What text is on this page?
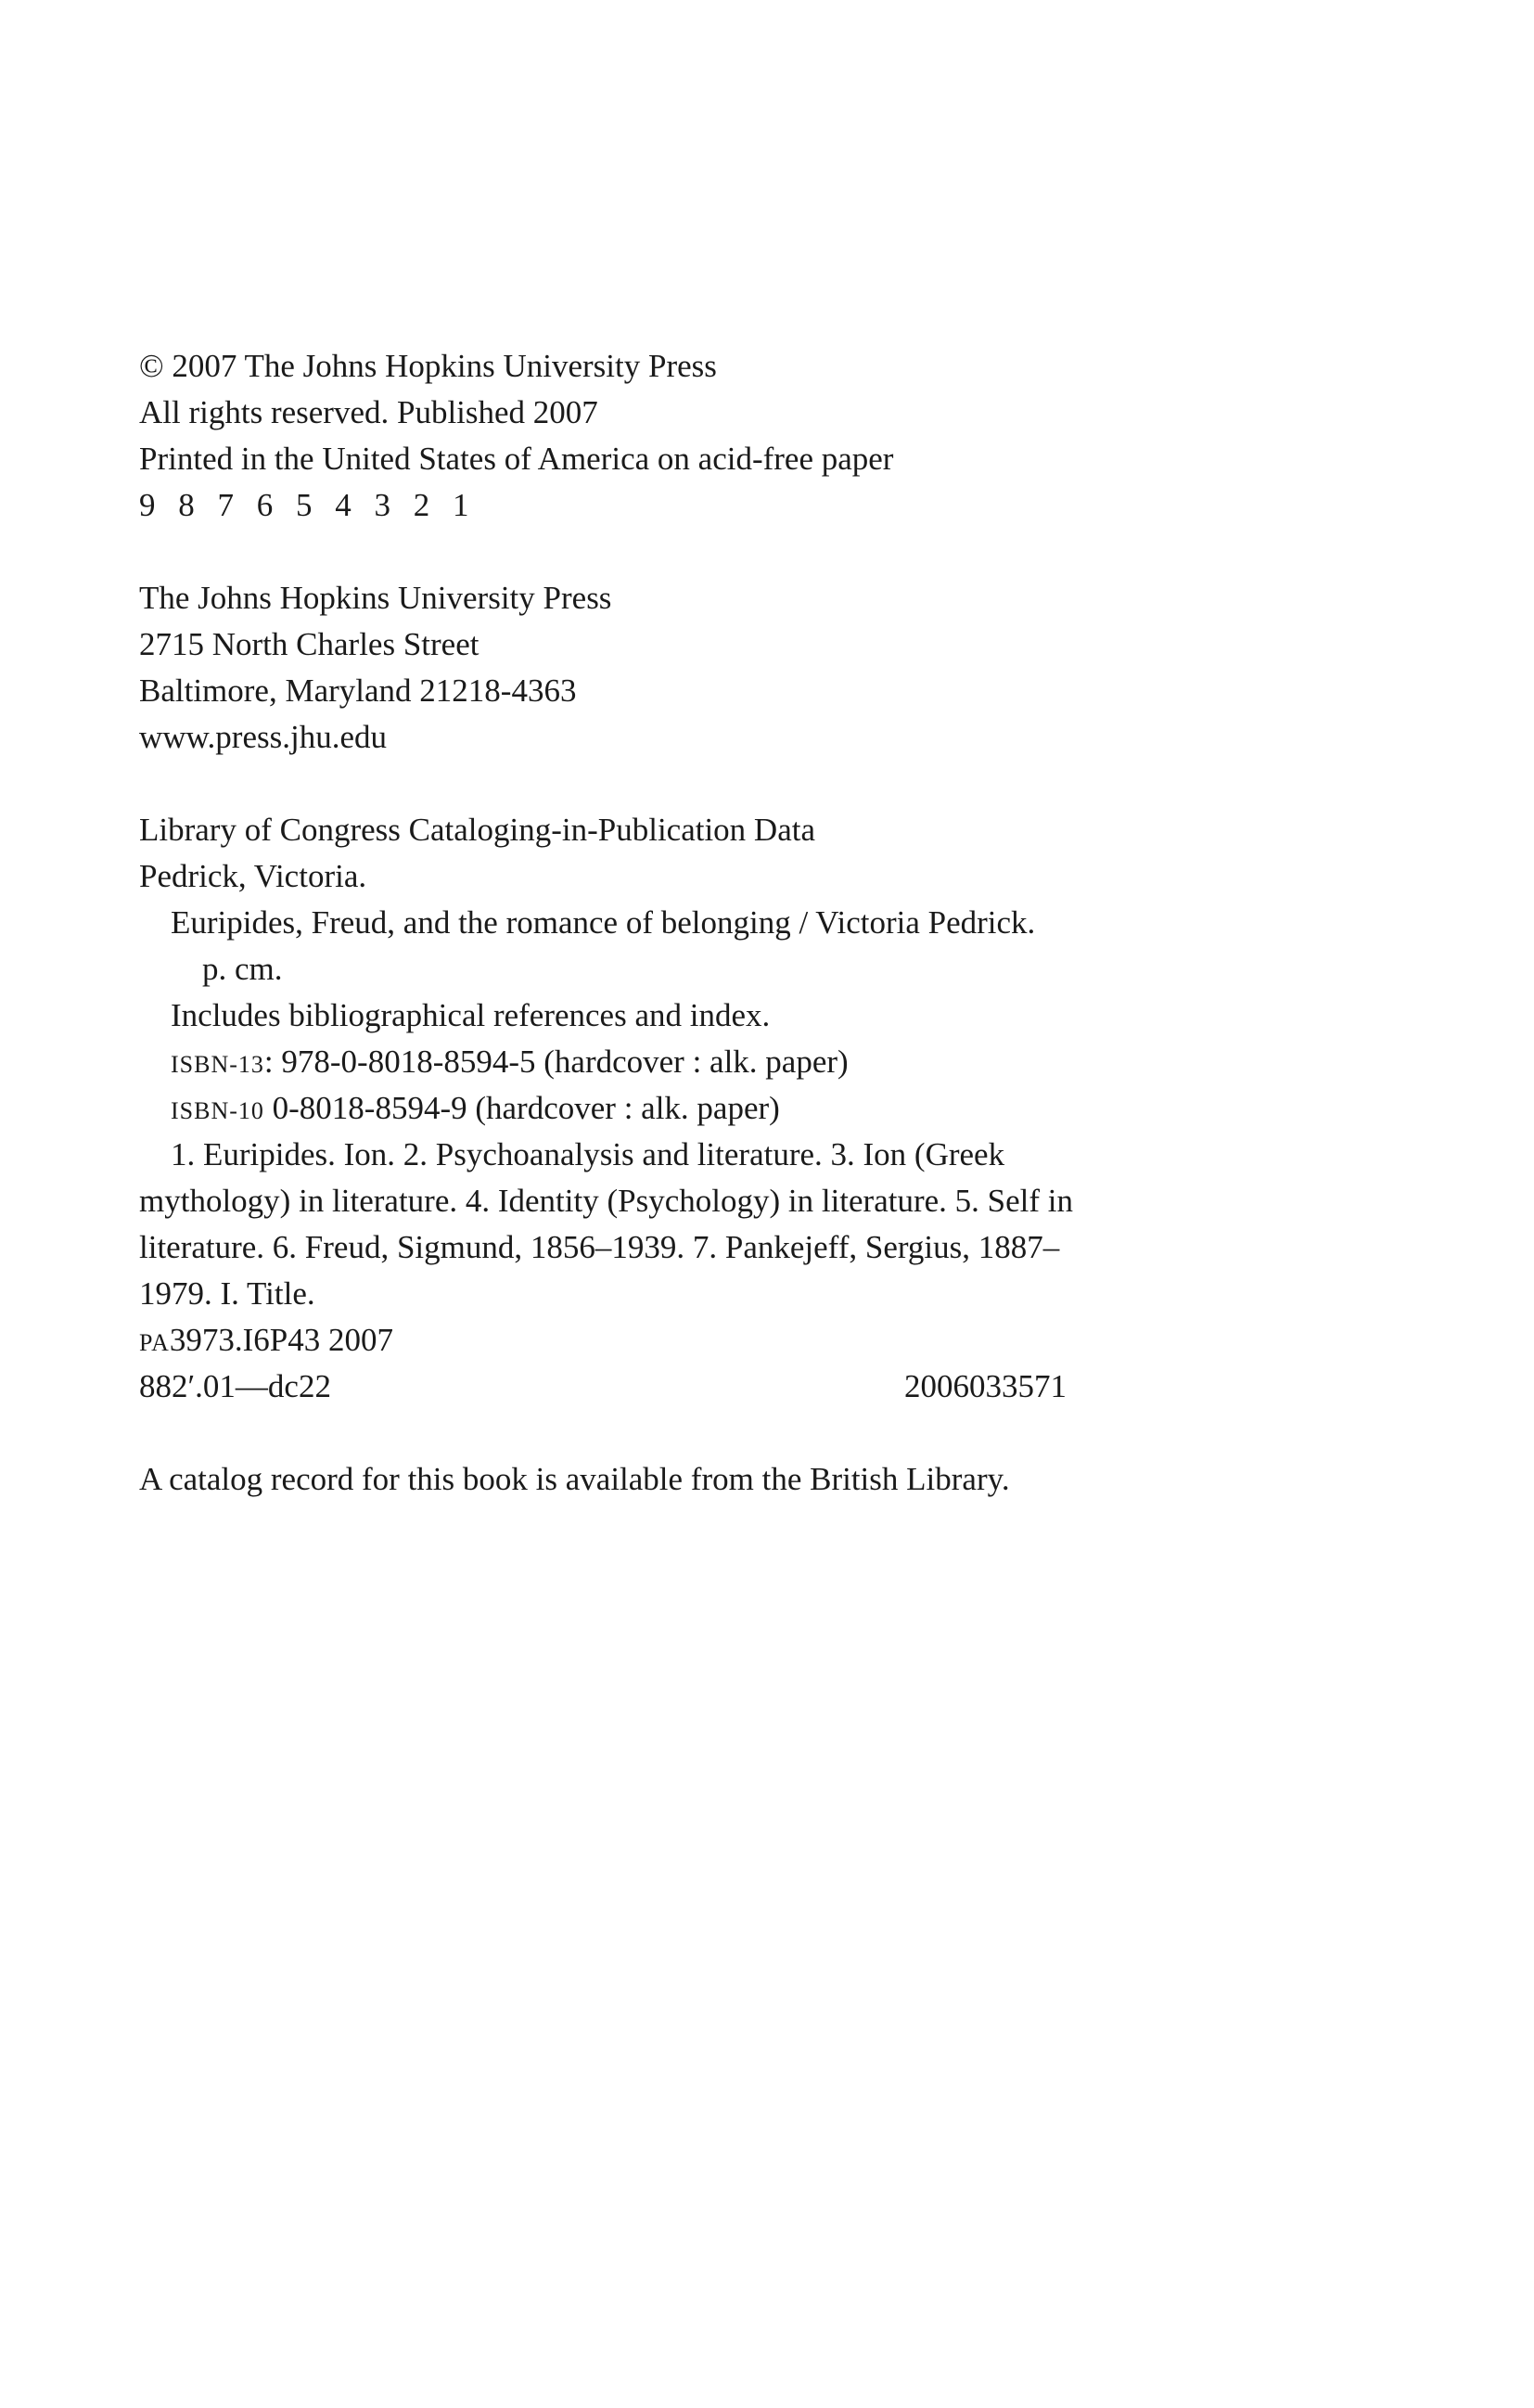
© 2007 The Johns Hopkins University Press
All rights reserved. Published 2007
Printed in the United States of America on acid-free paper
9 8 7 6 5 4 3 2 1
The Johns Hopkins University Press
2715 North Charles Street
Baltimore, Maryland 21218-4363
www.press.jhu.edu
Library of Congress Cataloging-in-Publication Data
Pedrick, Victoria.
Euripides, Freud, and the romance of belonging / Victoria Pedrick.
p. cm.
Includes bibliographical references and index.
ISBN-13: 978-0-8018-8594-5 (hardcover : alk. paper)
ISBN-10 0-8018-8594-9 (hardcover : alk. paper)
1. Euripides. Ion. 2. Psychoanalysis and literature. 3. Ion (Greek
mythology) in literature. 4. Identity (Psychology) in literature. 5. Self in
literature. 6. Freud, Sigmund, 1856–1939. 7. Pankejeff, Sergius, 1887–
1979. I. Title.
PA3973.I6P43 2007
882′.01—dc22	2006033571
A catalog record for this book is available from the British Library.
